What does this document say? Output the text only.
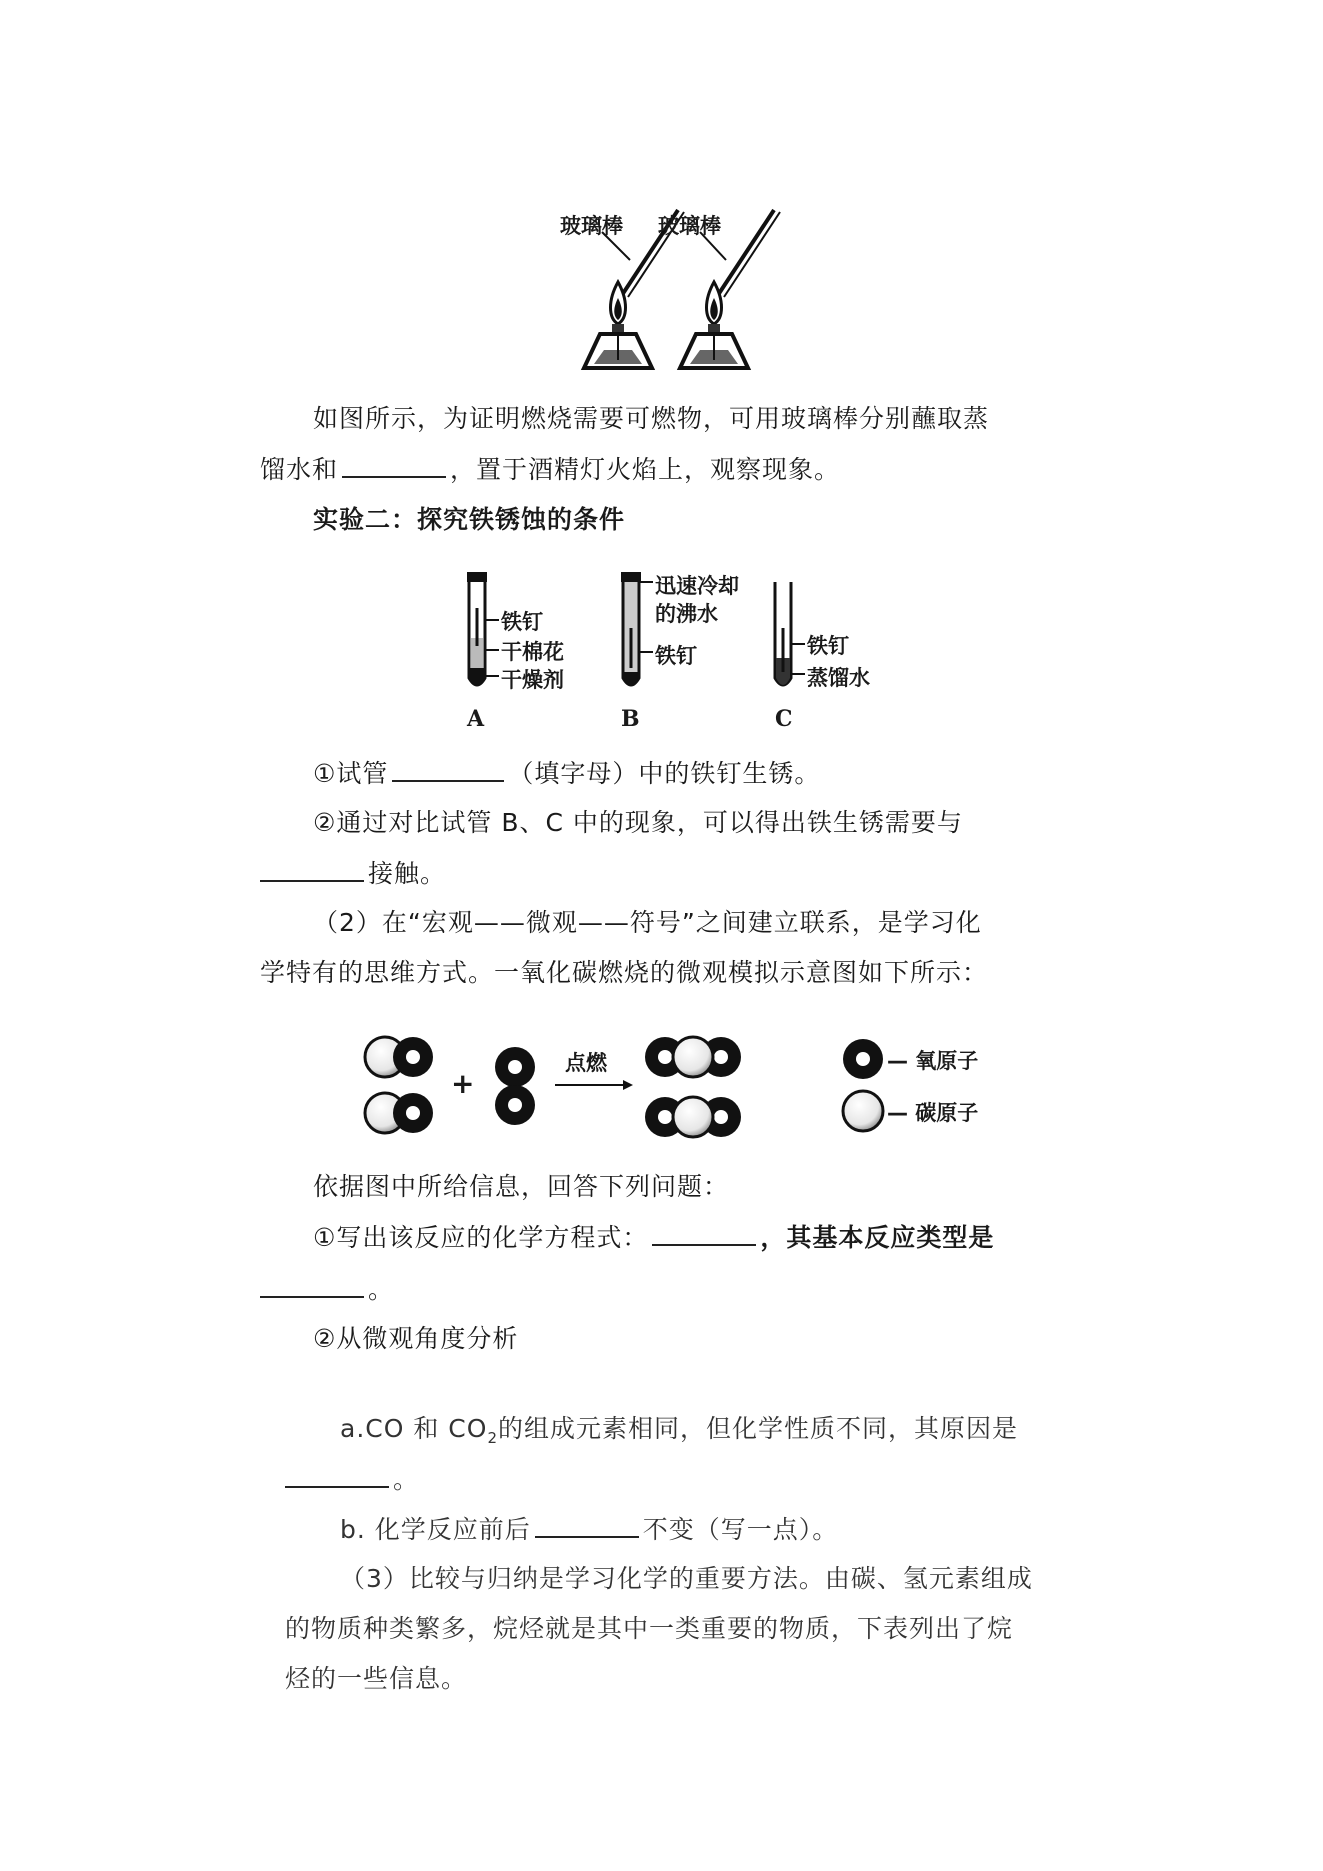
玻璃棒 玻璃棒
如图所示，为证明燃烧需要可燃物，可用玻璃棒分别蘸取蒸
馏水和	，置于酒精灯火焰上，观察现象。
实验二：探究铁锈蚀的条件
铁钉
干棉花
干燥剂
迅速冷却
的沸水
铁钉	铁钉
蒸馏水
A	B	C
①试管	（填字母）中的铁钉生锈。
②通过对比试管 B、C 中的现象，可以得出铁生锈需要与
接触。
（2）在“宏观——微观——符号”之间建立联系，是学习化
学特有的思维方式。一氧化碳燃烧的微观模拟示意图如下所示：
+
点燃	— 氧原子
— 碳原子
依据图中所给信息，回答下列问题：
①写出该反应的化学方程式：	，其基本反应类型是
。
②从微观角度分析
a.CO 和 $CO_2$的组成元素相同，但化学性质不同，其原因是
。
b. 化学反应前后	不变（写一点）。
（3）比较与归纳是学习化学的重要方法。由碳、氢元素组成
的物质种类繁多，烷烃就是其中一类重要的物质，下表列出了烷
烃的一些信息。
